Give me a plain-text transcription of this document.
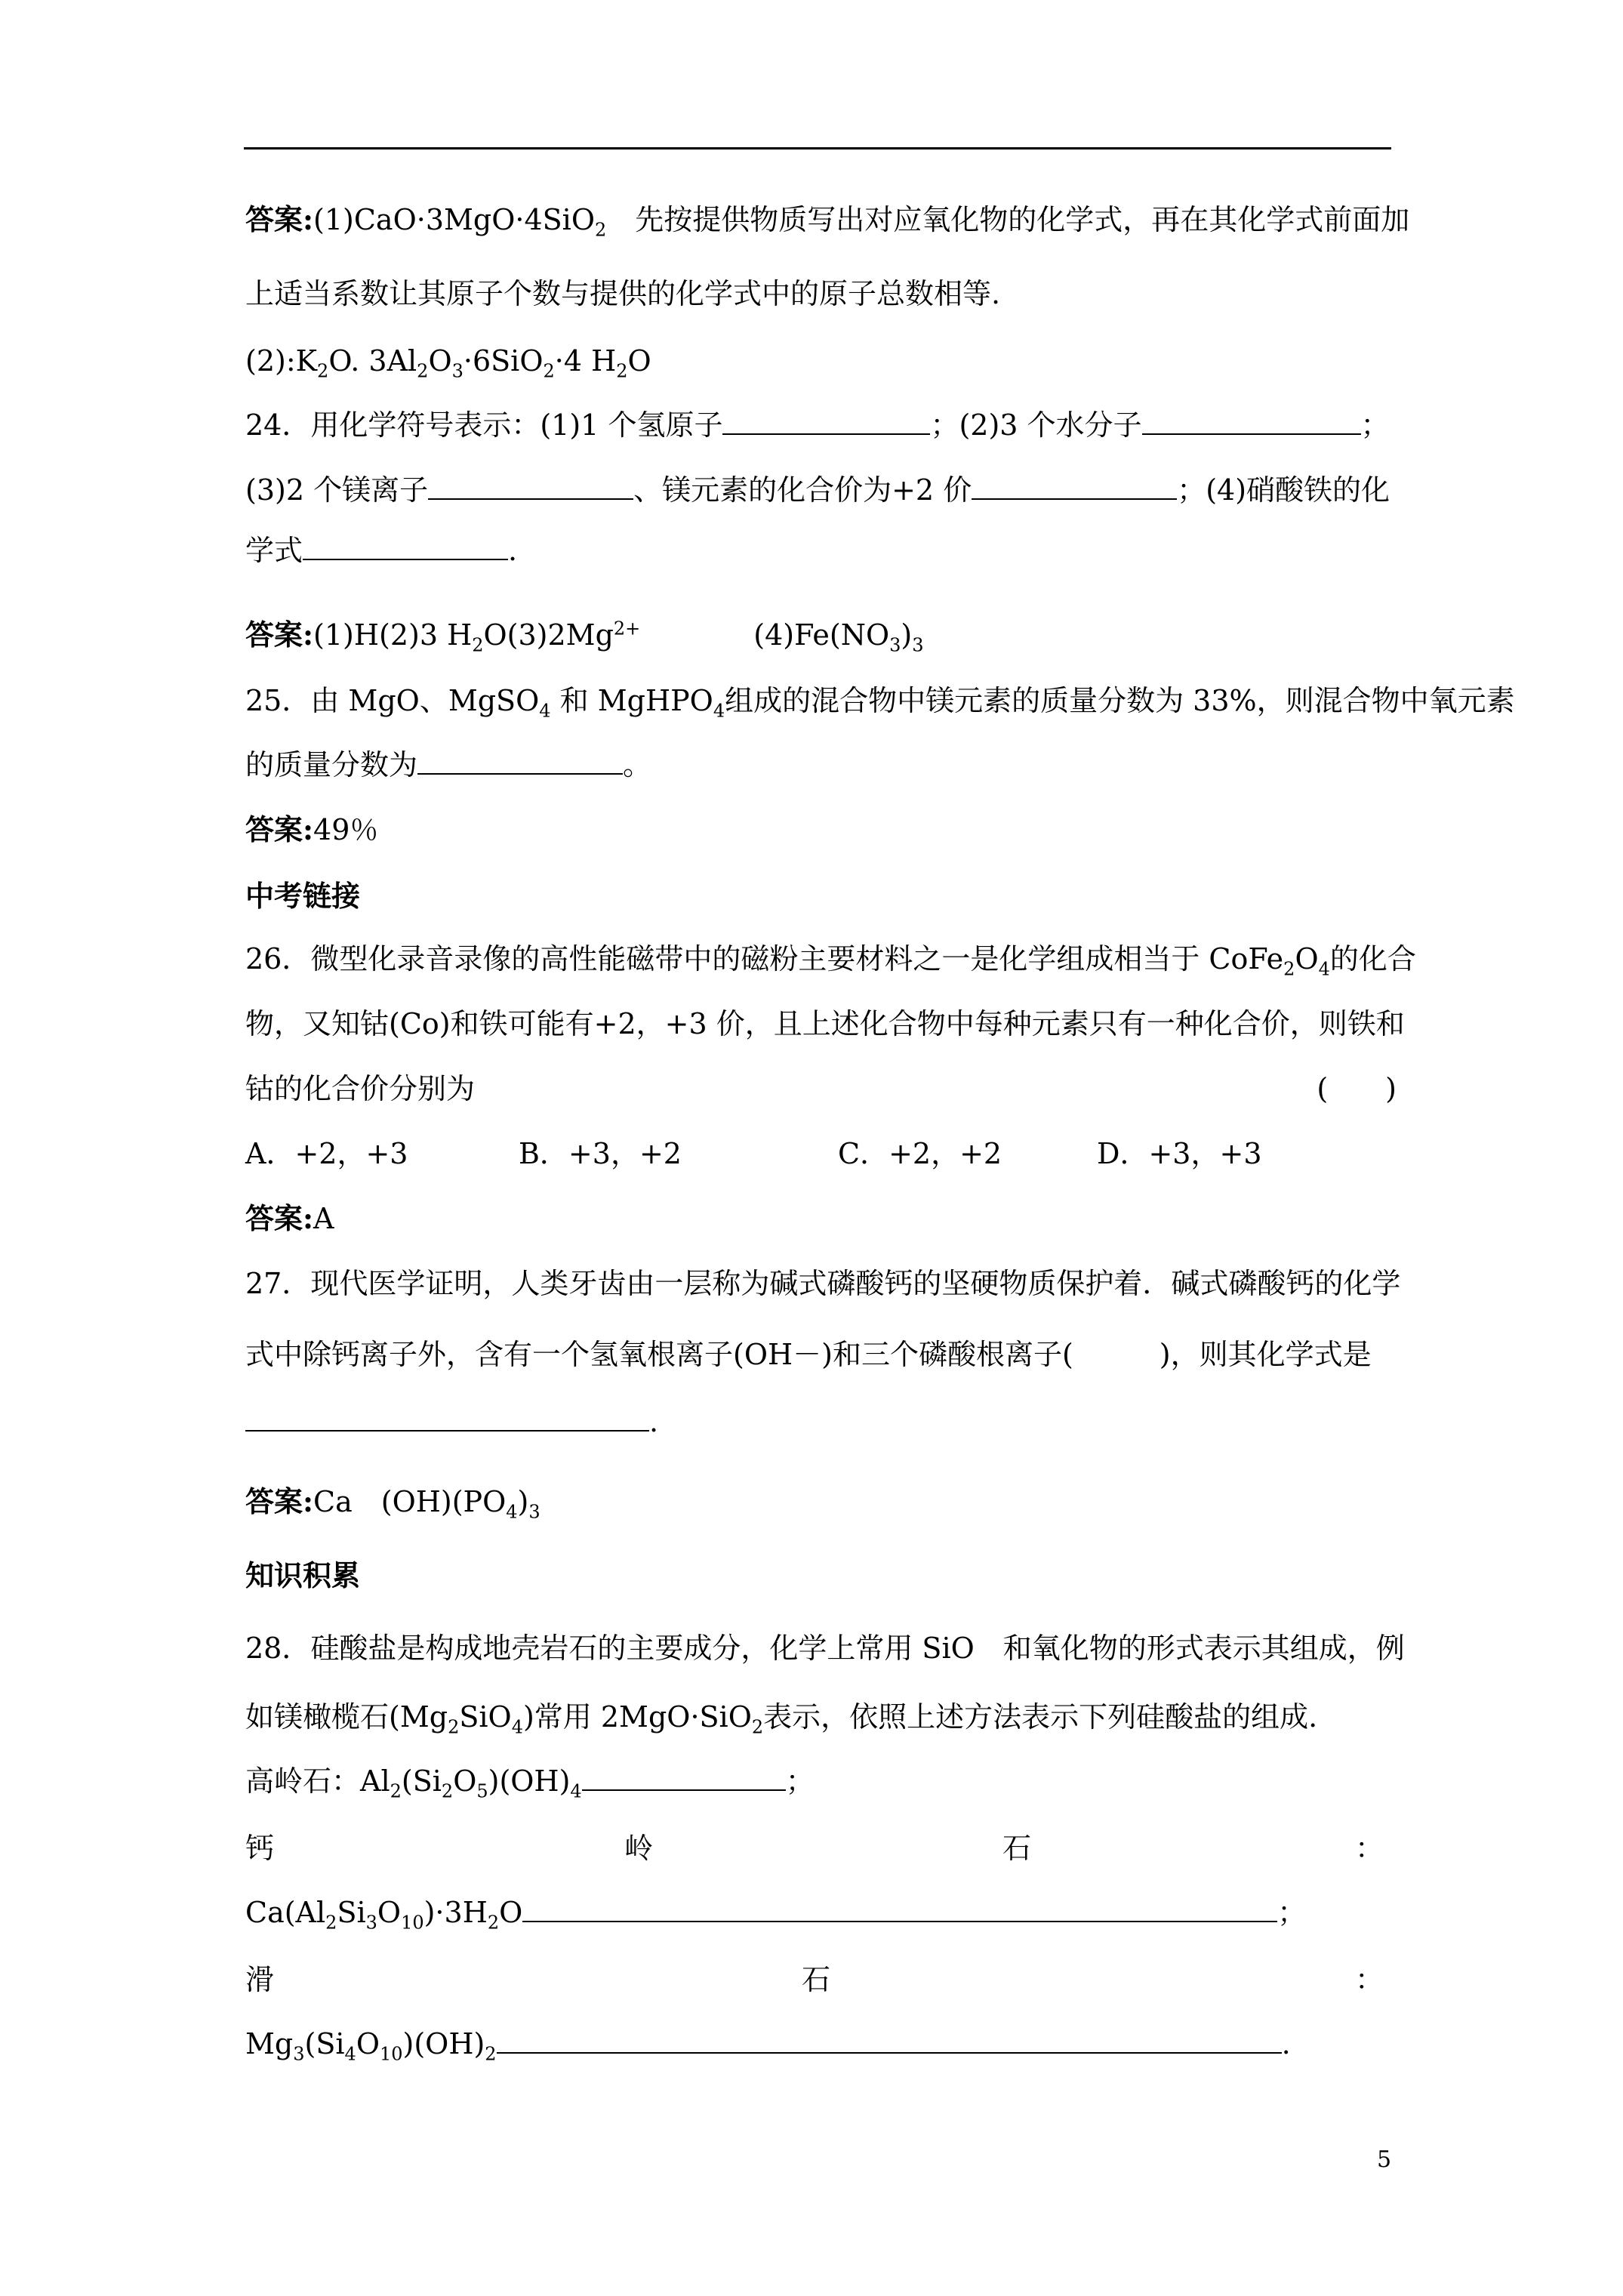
答案:(1)CaO·3MgO·4SiO$_2$　 先按提供物质写出对应氧化物的化学式，再在其化学式前面加
上适当系数让其原子个数与提供的化学式中的原子总数相等.
$(2):K_2O$. $3Al_2O_3\cdot 6SiO_2\cdot 4$ $H_2O$
24．用化学符号表示：(1)1 个氢原子	；(2)3 个水分子	；
(3)2 个镁离子	、镁元素的化合价为+2 价	；(4)硝酸铁的化
学式	.
答案:(1)H(2)3 $H_2O(3)2Mg^{2+}$	$(4)Fe(NO_3)_3$
25．由 MgO、MgSO$_4$ 和 MgHPO$_4$组成的混合物中镁元素的质量分数为 33%，则混合物中氧元素
的质量分数为	。
答案:49％
中考链接
26．微型化录音录像的高性能磁带中的磁粉主要材料之一是化学组成相当于 $CoFe_2O_4$的化合
物，又知钴(Co)和铁可能有+2，+3 价，且上述化合物中每种元素只有一种化合价，则铁和
钴的化合价分别为	(　　)
A．+2，+3	B．+3，+2	C．+2，+2	D．+3，+3
答案:A
27．现代医学证明，人类牙齿由一层称为碱式磷酸钙的坚硬物质保护着．碱式磷酸钙的化学
式中除钙离子外，含有一个氢氧根离子(OH－)和三个磷酸根离子(　　　)，则其化学式是
.
答案:Ca　$(OH)(PO_4)_3$
知识积累
28．硅酸盐是构成地壳岩石的主要成分，化学上常用 SiO　和氧化物的形式表示其组成，例
如镁橄榄石$(Mg_2SiO_4)$常用 2MgO·SiO$_2$表示，依照上述方法表示下列硅酸盐的组成.
高岭石：$Al_2(Si_2O_5)(OH)_4$	；
钙	岭	石	：
$Ca(Al_2Si_3O_{10})\cdot 3H_2O$	；
滑	石	：
$Mg_3(Si_4O_{10})(OH)_2$	.
5
